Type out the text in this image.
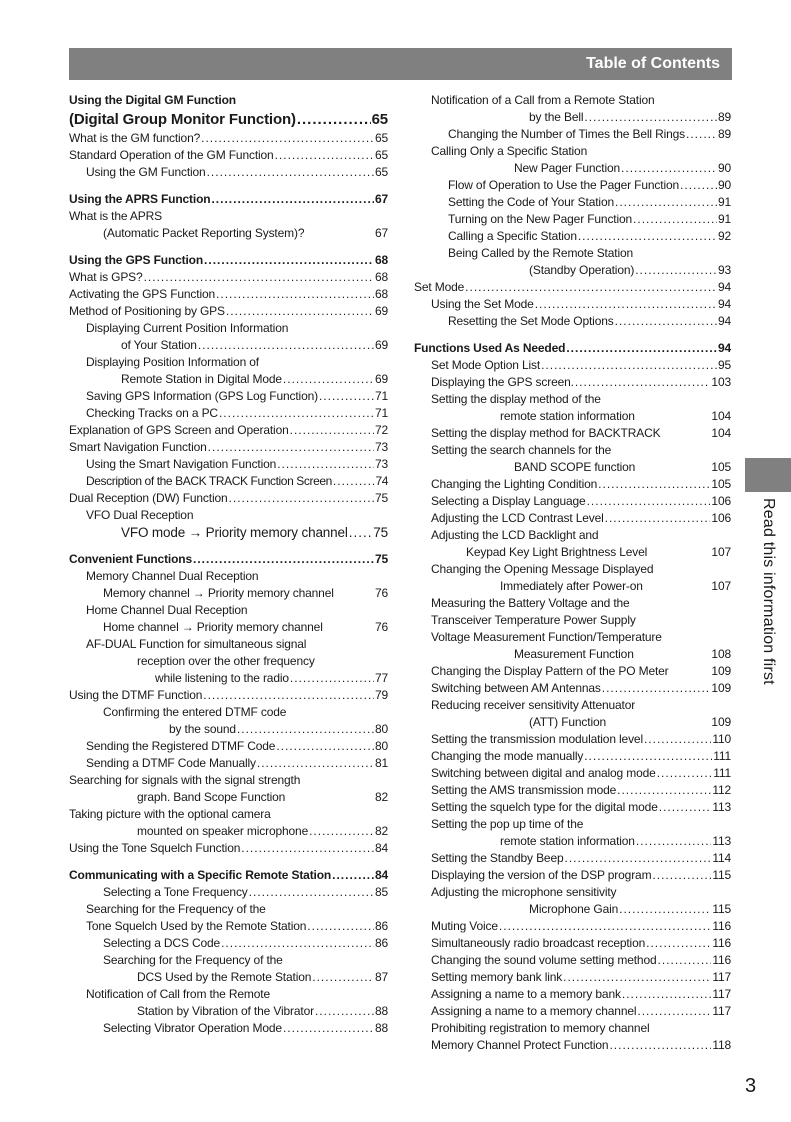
Table of Contents
Using the Digital GM Function
(Digital Group Monitor Function) .....	65
What is the GM function? .....	65
Standard Operation of the GM Function .....	65
Using the GM Function .....	65
Using the APRS Function .....	67
What is the APRS
(Automatic Packet Reporting System)?	67
Using the GPS Function .....	68
What is GPS? .....	68
Activating the GPS Function .....	68
Method of Positioning by GPS .....	69
Displaying Current Position Information
of Your Station .....	69
Displaying Position Information of
Remote Station in Digital Mode .....	69
Saving GPS Information (GPS Log Function) .....	71
Checking Tracks on a PC .....	71
Explanation of GPS Screen and Operation .....	72
Smart Navigation Function .....	73
Using the Smart Navigation Function .....	73
Description of the BACK TRACK Function Screen .....	74
Dual Reception (DW) Function .....	75
VFO Dual Reception
VFO mode → Priority memory channel ..... 75
Convenient Functions .....	75
Memory Channel Dual Reception
Memory channel → Priority memory channel	76
Home Channel Dual Reception
Home channel → Priority memory channel	76
AF-DUAL Function for simultaneous signal
reception over the other frequency
while listening to the radio .....	77
Using the DTMF Function .....	79
Confirming the entered DTMF code
by the sound .....	80
Sending the Registered DTMF Code .....	80
Sending a DTMF Code Manually .....	81
Searching for signals with the signal strength
graph. Band Scope Function	82
Taking picture with the optional camera
mounted on speaker microphone .....	82
Using the Tone Squelch Function .....	84
Communicating with a Specific Remote Station .....	84
Selecting a Tone Frequency .....	85
Searching for the Frequency of the
Tone Squelch Used by the Remote Station .....	86
Selecting a DCS Code .....	86
Searching for the Frequency of the
DCS Used by the Remote Station .....	87
Notification of Call from the Remote
Station by Vibration of the Vibrator .....	88
Selecting Vibrator Operation Mode .....	88
Notification of a Call from a Remote Station
by the Bell .....	89
Changing the Number of Times the Bell Rings .....	89
Calling Only a Specific Station
New Pager Function .....	90
Flow of Operation to Use the Pager Function .....	90
Setting the Code of Your Station .....	91
Turning on the New Pager Function .....	91
Calling a Specific Station .....	92
Being Called by the Remote Station
(Standby Operation) .....	93
Set Mode .....	94
Using the Set Mode .....	94
Resetting the Set Mode Options .....	94
Functions Used As Needed .....	94
Set Mode Option List .....	95
Displaying the GPS screen. .....	103
Setting the display method of the
remote station information	104
Setting the display method for BACKTRACK	104
Setting the search channels for the
BAND SCOPE function	105
Changing the Lighting Condition .....	105
Selecting a Display Language .....	106
Adjusting the LCD Contrast Level .....	106
Adjusting the LCD Backlight and
Keypad Key Light Brightness Level	107
Changing the Opening Message Displayed
Immediately after Power-on	107
Measuring the Battery Voltage and the
Transceiver Temperature Power Supply
Voltage Measurement Function/Temperature
Measurement Function	108
Changing the Display Pattern of the PO Meter	109
Switching between AM Antennas .....	109
Reducing receiver sensitivity Attenuator
(ATT) Function	109
Setting the transmission modulation level .....	110
Changing the mode manually .....	111
Switching between digital and analog mode .....	111
Setting the AMS transmission mode .....	112
Setting the squelch type for the digital mode .....	113
Setting the pop up time of the
remote station information .....	113
Setting the Standby Beep .....	114
Displaying the version of the DSP program .....	115
Adjusting the microphone sensitivity
Microphone Gain .....	115
Muting Voice .....	116
Simultaneously radio broadcast reception .....	116
Changing the sound volume setting method .....	116
Setting memory bank link .....	117
Assigning a name to a memory bank .....	117
Assigning a name to a memory channel .....	117
Prohibiting registration to memory channel
Memory Channel Protect Function .....	118
Read this information first
3
